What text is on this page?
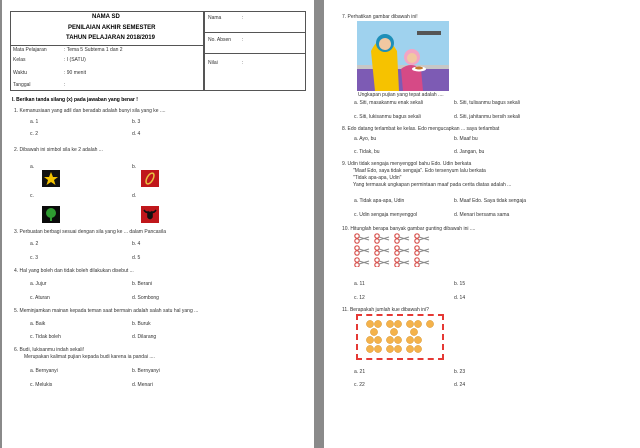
NAMA SD
PENILAIAN AKHIR SEMESTER
TAHUN PELAJARAN 2018/2019
Mata Pelajaran	: Tema 5 Subtema 1 dan 2
Kelas	: I (SATU)
Waktu	: 90 menit
Tanggal	:
Nama	:
No. Absen :
Nilai	:
I. Berikan tanda silang (x) pada jawaban yang benar !
1. Kemanusiaan yang adil dan beradab adalah bunyi sila yang ke ....
a. 1	b. 3
c. 2	d. 4
2. Dibawah ini simbol sila ke 2 adalah ...
a.	b.
c.	d.
3. Perbuatan berbagi sesuai dengan sila yang ke ... dalam Pancasila
a. 2	b. 4
c. 3	d. 5
4. Hal yang boleh dan tidak boleh dilakukan disebut ...
a. Jujur	b. Berani
c. Aturan	d. Sombong
5. Meminjamkan mainan kepada teman saat bermain adalah salah satu hal yang ...
a. Baik	b. Buruk
c. Tidak boleh	d. Dilarang
6. Budi, lukisanmu indah sekali!
Merupakan kalimat pujian kepada budi karena ia pandai ....
a. Bernyanyi	b. Bernyanyi
c. Melukis	d. Menari
7. Perhatikan gambar dibawah ini!
Ungkapan pujian yang tepat adalah ....
a. Siti, masakanmu enak sekali	b. Siti, tulisanmu bagus sekali
c. Siti, lukisanmu bagus sekali	d. Siti, jahitanmu bersih sekali
8. Edo datang terlambat ke kelas. Edo mengucapkan ... saya terlambat
a. Ayo, bu	b. Maaf bu
c. Tidak, bu	d. Jangan, bu
9. Udin tidak sengaja menyenggol bahu Edo. Udin berkata
"Maaf Edo, saya tidak sengaja". Edo tersenyum lalu berkata
"Tidak apa-apa, Udin"
Yang termasuk ungkapan permintaan maaf pada cerita diatas adalah ...
a. Tidak apa-apa, Udin	b. Maaf Edo. Saya tidak sengaja
c. Udin sengaja menyenggol	d. Menari bersama sama
10. Hitunglah berapa banyak gambar gunting dibawah ini ....
a. 11	b. 15
c. 12	d. 14
11. Berapakah jumlah kue dibawah ini?
a. 21	b. 23
c. 22	d. 24
